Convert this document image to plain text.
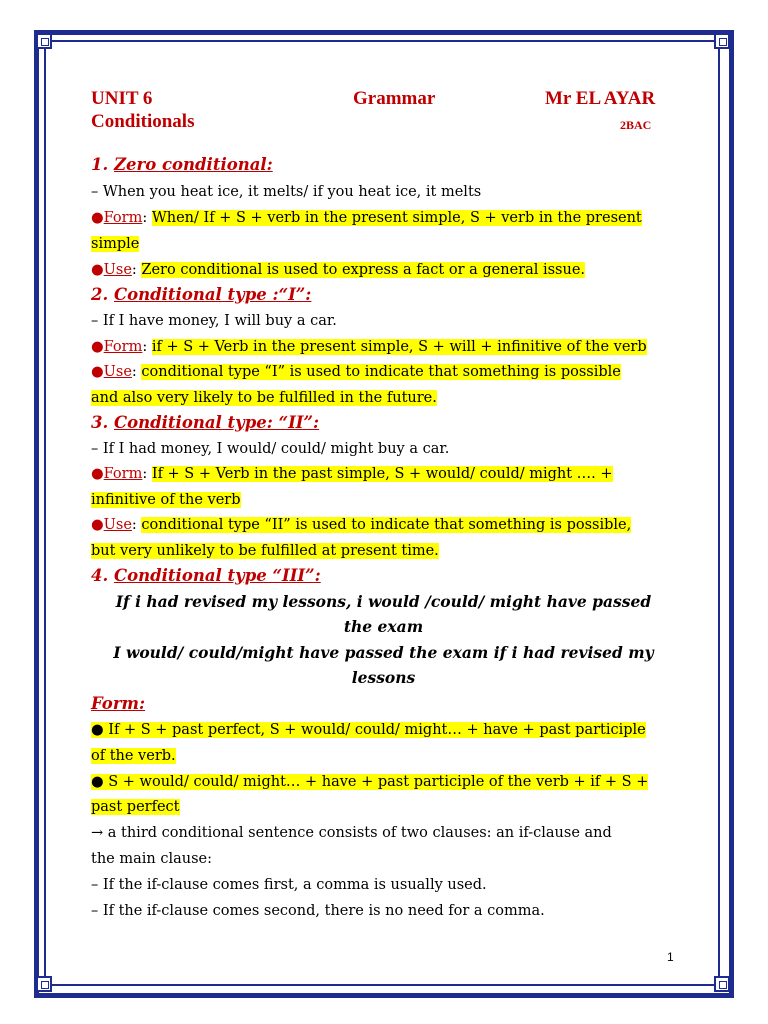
UNIT 6	Grammar	Mr EL AYAR
Conditionals	2BAC
1. Zero conditional:
– When you heat ice, it melts/ if you heat ice, it melts
●Form: When/ If + S + verb in the present simple, S + verb in the present
simple
●Use: Zero conditional is used to express a fact or a general issue.
2. Conditional type :“I”:
– If I have money, I will buy a car.
●Form: if + S + Verb in the present simple, S + will + infinitive of the verb
●Use: conditional type “I” is used to indicate that something is possible
and also very likely to be fulfilled in the future.
3. Conditional type: “II”:
– If I had money, I would/ could/ might buy a car.
●Form: If + S + Verb in the past simple, S + would/ could/ might …. +
infinitive of the verb
●Use: conditional type “II” is used to indicate that something is possible,
but very unlikely to be fulfilled at present time.
4. Conditional type “III”:
If i had revised my lessons, i would /could/ might have passed
the exam
I would/ could/might have passed the exam if i had revised my
lessons
Form:
● If + S + past perfect, S + would/ could/ might… + have + past participle
of the verb.
● S + would/ could/ might… + have + past participle of the verb + if + S +
past perfect
→ a third conditional sentence consists of two clauses: an if-clause and
the main clause:
– If the if-clause comes first, a comma is usually used.
– If the if-clause comes second, there is no need for a comma.
1
